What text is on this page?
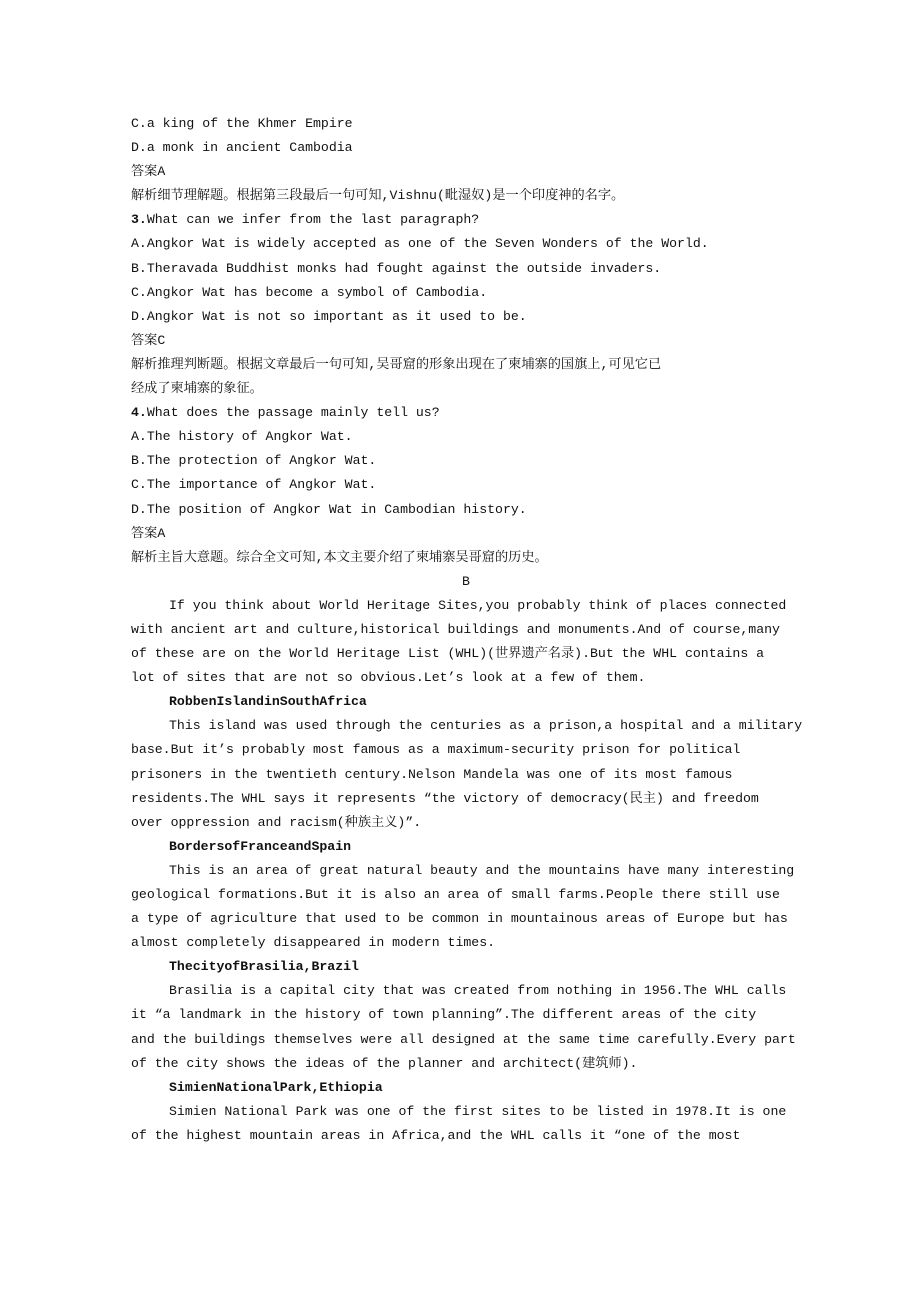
C.a king of the Khmer Empire
D.a monk in ancient Cambodia
答案A
解析细节理解题。根据第三段最后一句可知,Vishnu(毗湿奴)是一个印度神的名字。
3.What can we infer from the last paragraph?
A.Angkor Wat is widely accepted as one of the Seven Wonders of the World.
B.Theravada Buddhist monks had fought against the outside invaders.
C.Angkor Wat has become a symbol of Cambodia.
D.Angkor Wat is not so important as it used to be.
答案C
解析推理判断题。根据文章最后一句可知,吴哥窟的形象出现在了柬埔寨的国旗上,可见它已
经成了柬埔寨的象征。
4.What does the passage mainly tell us?
A.The history of Angkor Wat.
B.The protection of Angkor Wat.
C.The importance of Angkor Wat.
D.The position of Angkor Wat in Cambodian history.
答案A
解析主旨大意题。综合全文可知,本文主要介绍了柬埔寨吴哥窟的历史。
B
If you think about World Heritage Sites,you probably think of places connected
with ancient art and culture,historical buildings and monuments.And of course,many
of these are on the World Heritage List (WHL)(世界遗产名录).But the WHL contains a
lot of sites that are not so obvious.Let’s look at a few of them.
RobbenIslandinSouthAfrica
This island was used through the centuries as a prison,a hospital and a military
base.But it’s probably most famous as a maximum-security prison for political
prisoners in the twentieth century.Nelson Mandela was one of its most famous
residents.The WHL says it represents “the victory of democracy(民主) and freedom
over oppression and racism(种族主义)”.
BordersofFranceandSpain
This is an area of great natural beauty and the mountains have many interesting
geological formations.But it is also an area of small farms.People there still use
a type of agriculture that used to be common in mountainous areas of Europe but has
almost completely disappeared in modern times.
ThecityofBrasilia,Brazil
Brasilia is a capital city that was created from nothing in 1956.The WHL calls
it “a landmark in the history of town planning”.The different areas of the city
and the buildings themselves were all designed at the same time carefully.Every part
of the city shows the ideas of the planner and architect(建筑师).
SimienNationalPark,Ethiopia
Simien National Park was one of the first sites to be listed in 1978.It is one
of the highest mountain areas in Africa,and the WHL calls it “one of the most
